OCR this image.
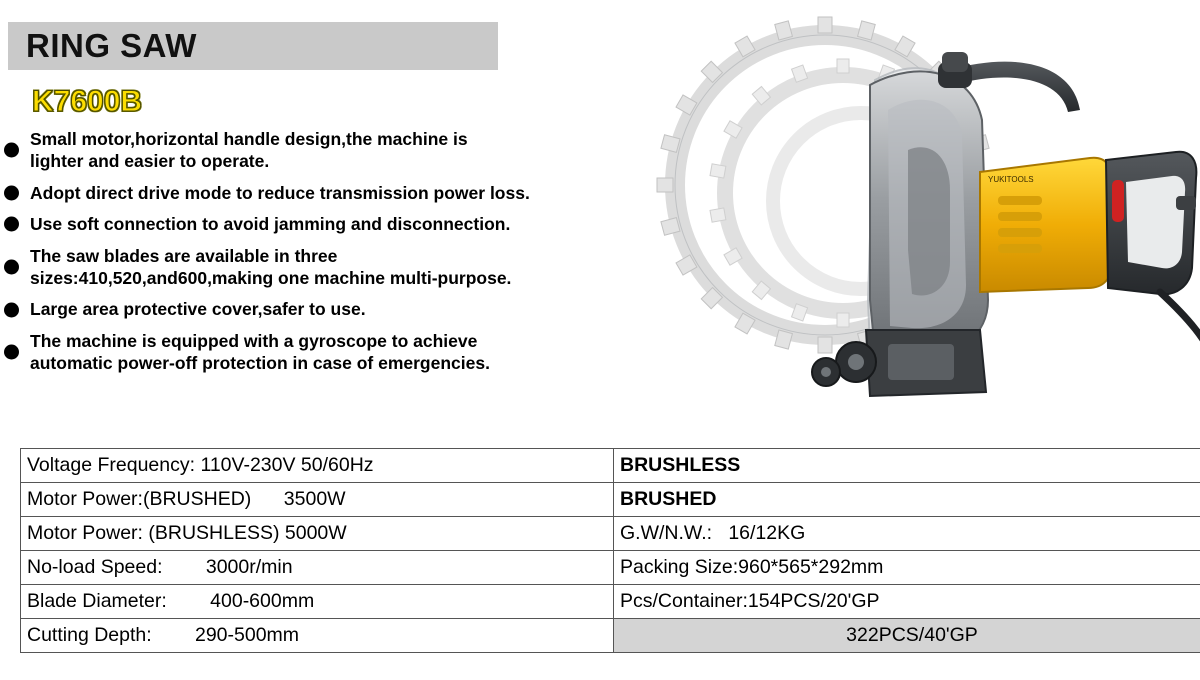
RING SAW
K7600B
Small motor,horizontal handle design,the machine is
lighter and easier to operate.
Adopt direct drive mode to reduce transmission power loss.
Use soft connection to avoid jamming and disconnection.
The saw blades are available in three
sizes:410,520,and600,making one machine multi-purpose.
Large area protective cover,safer to use.
The machine is equipped with a gyroscope to achieve
automatic power-off protection in case of emergencies.
YUKITOOLS
Voltage Frequency: 110V-230V 50/60Hz	BRUSHLESS
Motor Power:(BRUSHED)      3500W	BRUSHED
Motor Power: (BRUSHLESS) 5000W	G.W/N.W.:   16/12KG
No-load Speed:        3000r/min	Packing Size:960*565*292mm
Blade Diameter:        400-600mm	Pcs/Container:154PCS/20'GP
Cutting Depth:        290-500mm	322PCS/40'GP
